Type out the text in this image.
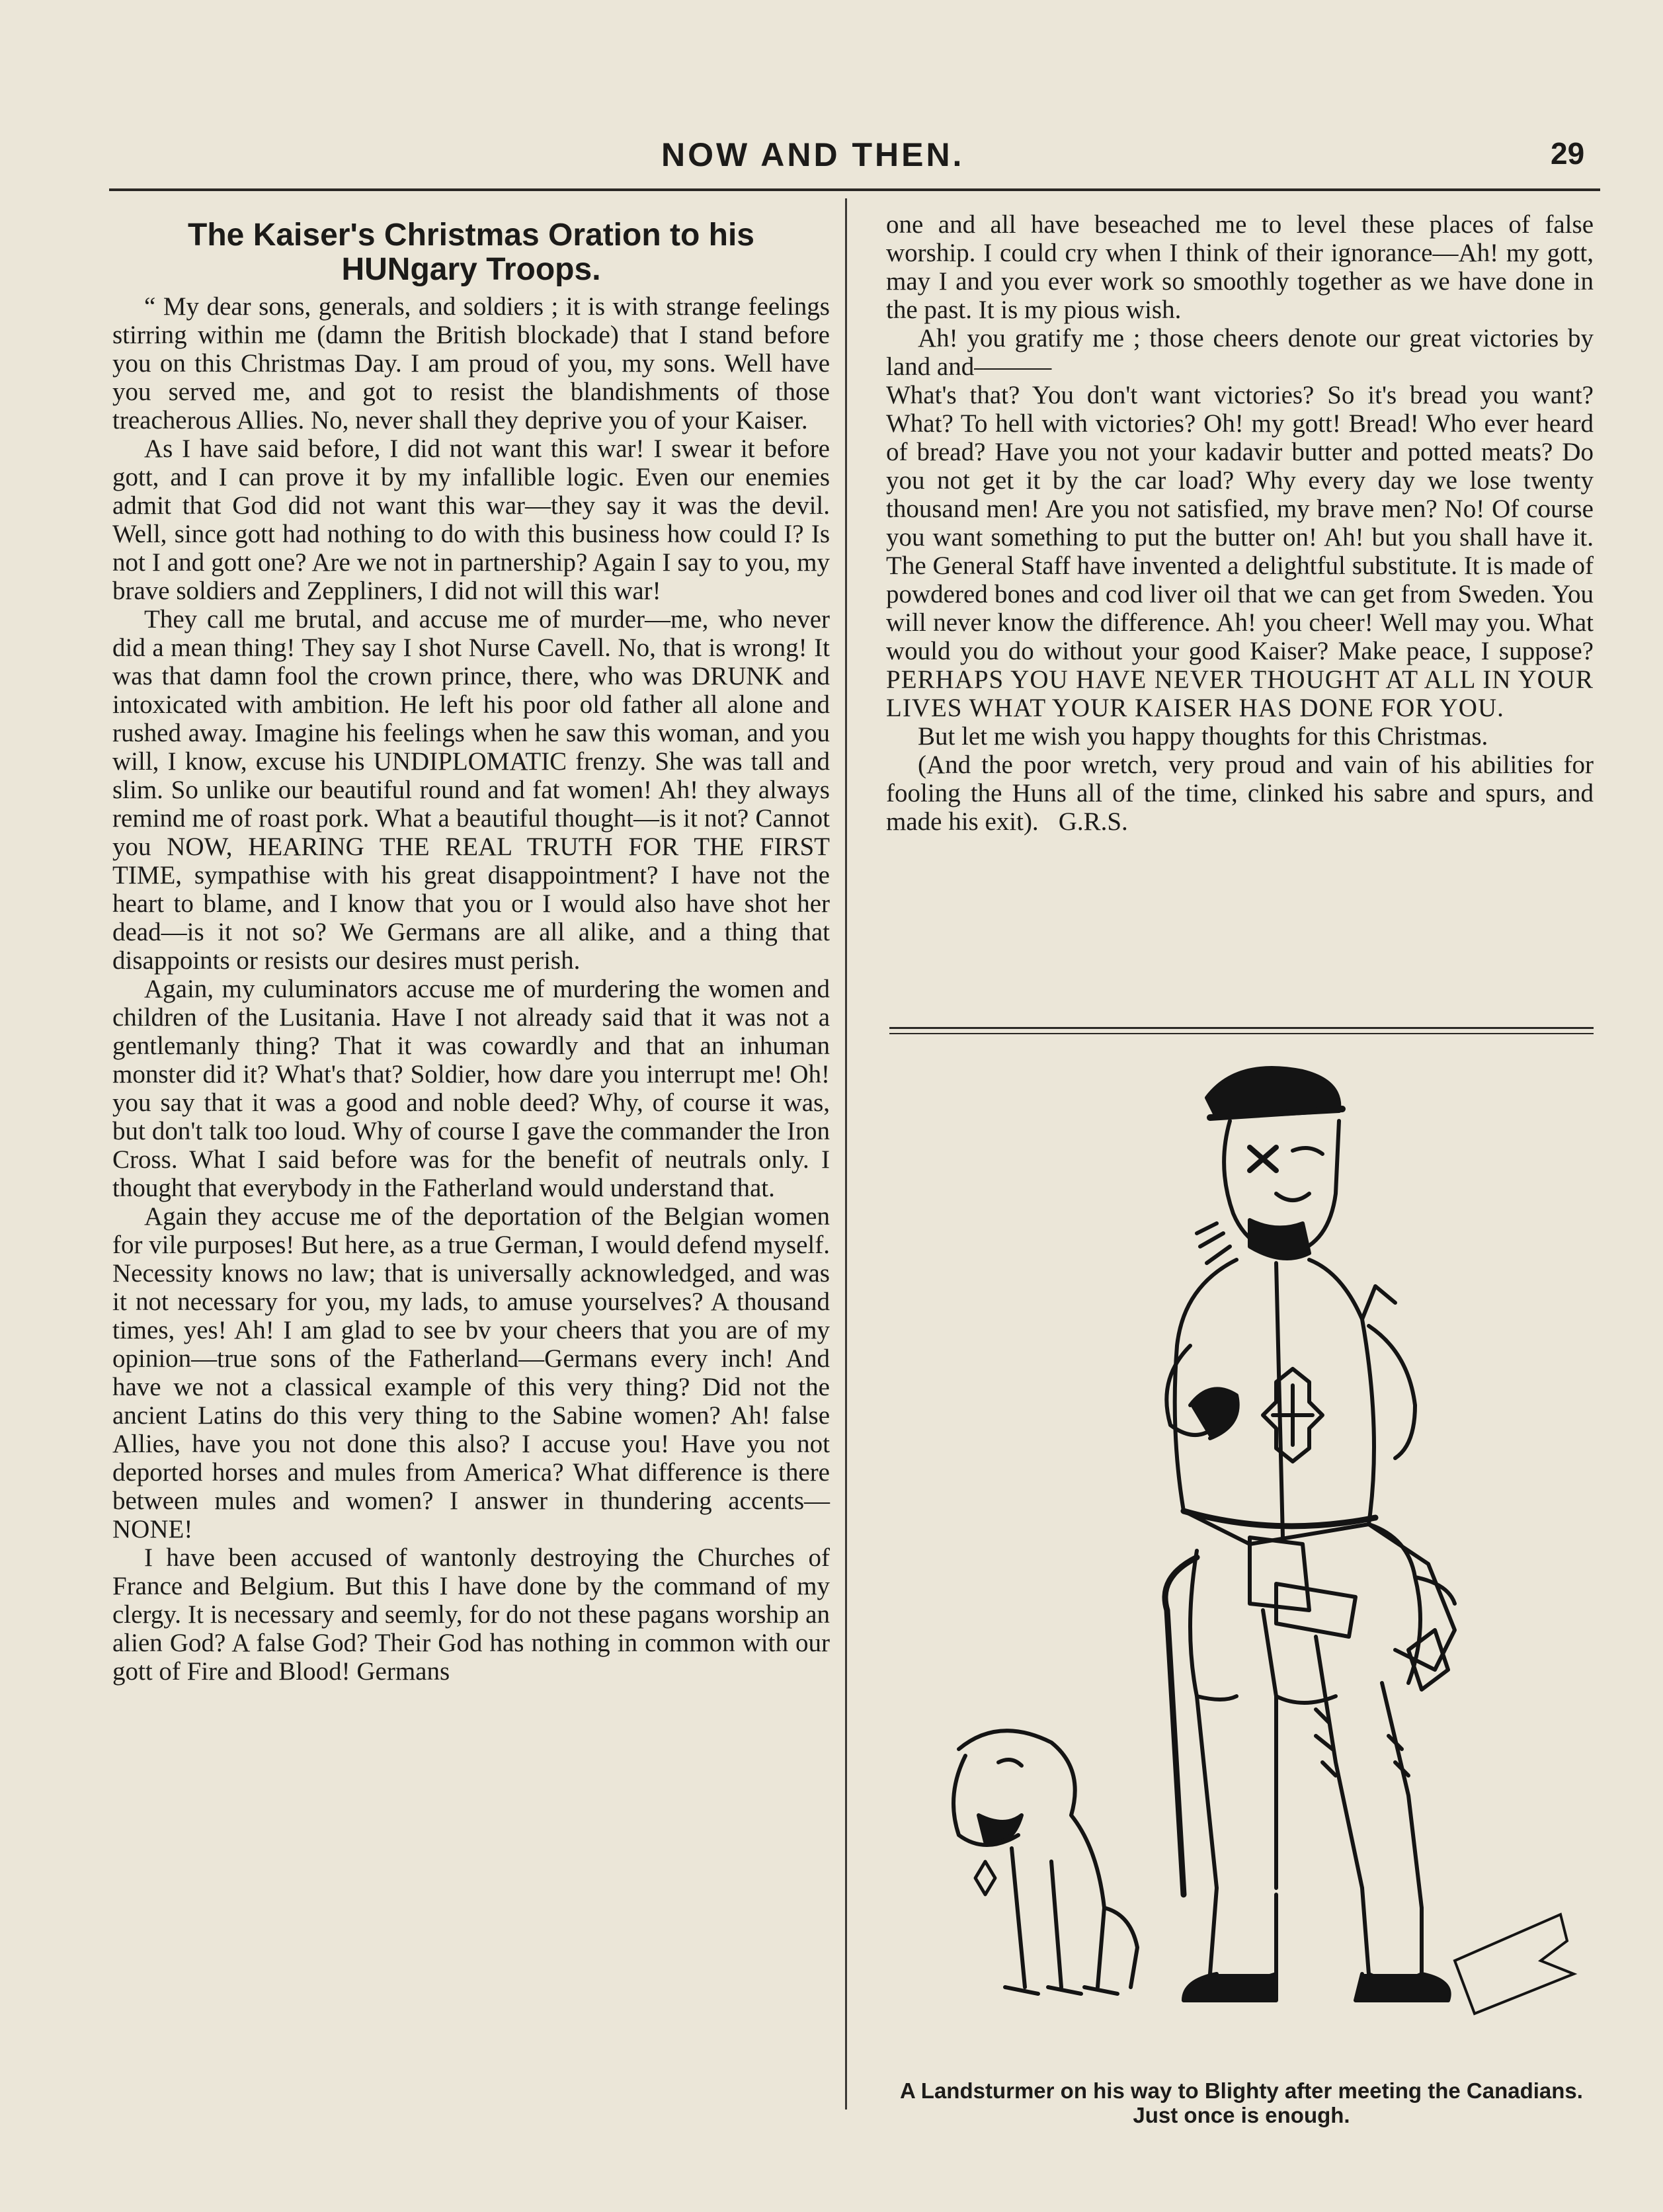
NOW AND THEN.	29
The Kaiser's Christmas Oration to his
HUNgary Troops.

“ My dear sons, generals, and soldiers ; it is with strange feelings stirring within me (damn the British blockade) that I stand before you on this Christmas Day. I am proud of you, my sons. Well have you served me, and got to resist the blandishments of those treacherous Allies. No, never shall they deprive you of your Kaiser.

As I have said before, I did not want this war! I swear it before gott, and I can prove it by my infallible logic. Even our enemies admit that God did not want this war—they say it was the devil. Well, since gott had nothing to do with this business how could I? Is not I and gott one? Are we not in partnership? Again I say to you, my brave soldiers and Zeppliners, I did not will this war!

They call me brutal, and accuse me of murder—me, who never did a mean thing! They say I shot Nurse Cavell. No, that is wrong! It was that damn fool the crown prince, there, who was DRUNK and intoxicated with ambition. He left his poor old father all alone and rushed away. Imagine his feelings when he saw this woman, and you will, I know, excuse his UNDIPLOMATIC frenzy. She was tall and slim. So unlike our beautiful round and fat women! Ah! they always remind me of roast pork. What a beautiful thought—is it not? Cannot you NOW, HEARING THE REAL TRUTH FOR THE FIRST TIME, sympathise with his great disappointment? I have not the heart to blame, and I know that you or I would also have shot her dead—is it not so? We Germans are all alike, and a thing that disappoints or resists our desires must perish.

Again, my culuminators accuse me of murdering the women and children of the Lusitania. Have I not already said that it was not a gentlemanly thing? That it was cowardly and that an inhuman monster did it? What's that? Soldier, how dare you interrupt me! Oh! you say that it was a good and noble deed? Why, of course it was, but don't talk too loud. Why of course I gave the commander the Iron Cross. What I said before was for the benefit of neutrals only. I thought that everybody in the Fatherland would understand that.

Again they accuse me of the deportation of the Belgian women for vile purposes! But here, as a true German, I would defend myself. Necessity knows no law; that is universally acknowledged, and was it not necessary for you, my lads, to amuse yourselves? A thousand times, yes! Ah! I am glad to see bv your cheers that you are of my opinion—true sons of the Fatherland—Germans every inch! And have we not a classical example of this very thing? Did not the ancient Latins do this very thing to the Sabine women? Ah! false Allies, have you not done this also? I accuse you! Have you not deported horses and mules from America? What difference is there between mules and women? I answer in thundering accents—NONE!

I have been accused of wantonly destroying the Churches of France and Belgium. But this I have done by the command of my clergy. It is necessary and seemly, for do not these pagans worship an alien God? A false God? Their God has nothing in common with our gott of Fire and Blood! Germans

one and all have beseached me to level these places of false worship. I could cry when I think of their ignorance—Ah! my gott, may I and you ever work so smoothly together as we have done in the past. It is my pious wish.

Ah! you gratify me ; those cheers denote our great victories by land and———

What's that? You don't want victories? So it's bread you want? What? To hell with victories? Oh! my gott! Bread! Who ever heard of bread? Have you not your kadavir butter and potted meats? Do you not get it by the car load? Why every day we lose twenty thousand men! Are you not satisfied, my brave men? No! Of course you want something to put the butter on! Ah! but you shall have it. The General Staff have invented a delightful substitute. It is made of powdered bones and cod liver oil that we can get from Sweden. You will never know the difference. Ah! you cheer! Well may you. What would you do without your good Kaiser? Make peace, I suppose? PERHAPS YOU HAVE NEVER THOUGHT AT ALL IN YOUR LIVES WHAT YOUR KAISER HAS DONE FOR YOU.

But let me wish you happy thoughts for this Christmas.

(And the poor wretch, very proud and vain of his abilities for fooling the Huns all of the time, clinked his sabre and spurs, and made his exit). G.R.S.

A Landsturmer on his way to Blighty after meeting the Canadians. Just once is enough.
